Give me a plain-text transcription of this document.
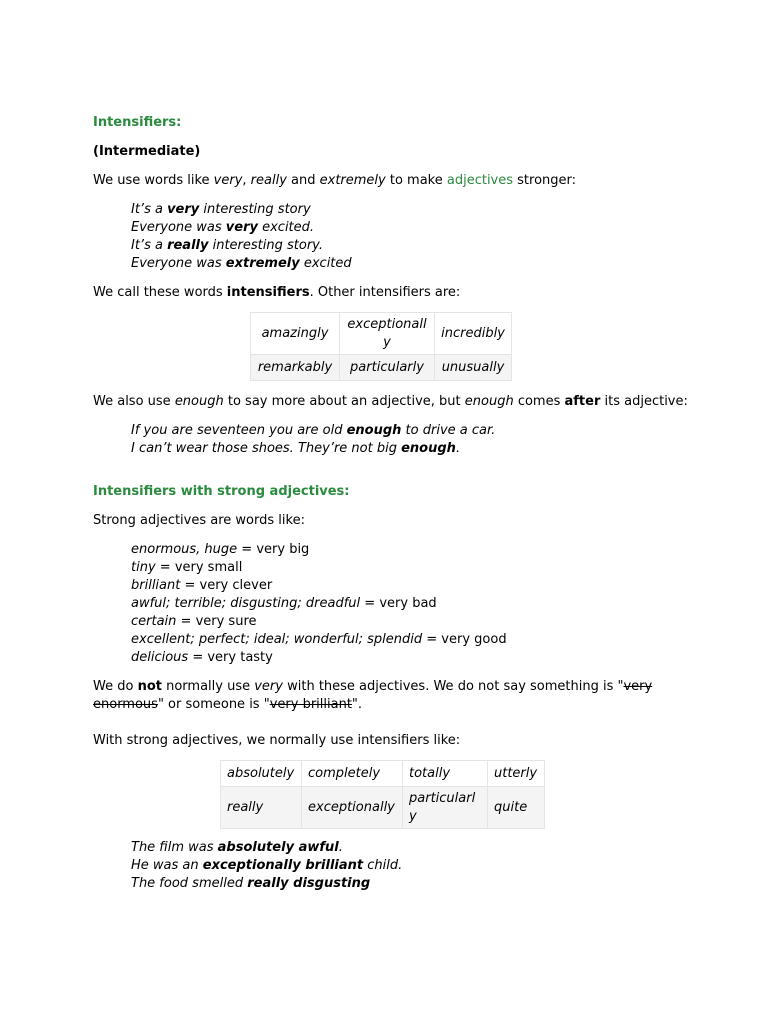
Intensifiers:

(Intermediate)

We use words like very, really and extremely to make adjectives stronger:

It’s a very interesting story
Everyone was very excited.
It’s a really interesting story.
Everyone was extremely excited

We call these words intensifiers. Other intensifiers are:

amazingly	exceptionally	incredibly
remarkably	particularly	unusually

We also use enough to say more about an adjective, but enough comes after its adjective:

If you are seventeen you are old enough to drive a car.
I can’t wear those shoes. They’re not big enough.

Intensifiers with strong adjectives:

Strong adjectives are words like:

enormous, huge = very big
tiny = very small
brilliant = very clever
awful; terrible; disgusting; dreadful = very bad
certain = very sure
excellent; perfect; ideal; wonderful; splendid = very good
delicious = very tasty

We do not normally use very with these adjectives. We do not say something is "very enormous" or someone is "very brilliant".

With strong adjectives, we normally use intensifiers like:

absolutely	completely	totally	utterly
really	exceptionally	particularly	quite
The film was absolutely awful.
He was an exceptionally brilliant child.
The food smelled really disgusting
